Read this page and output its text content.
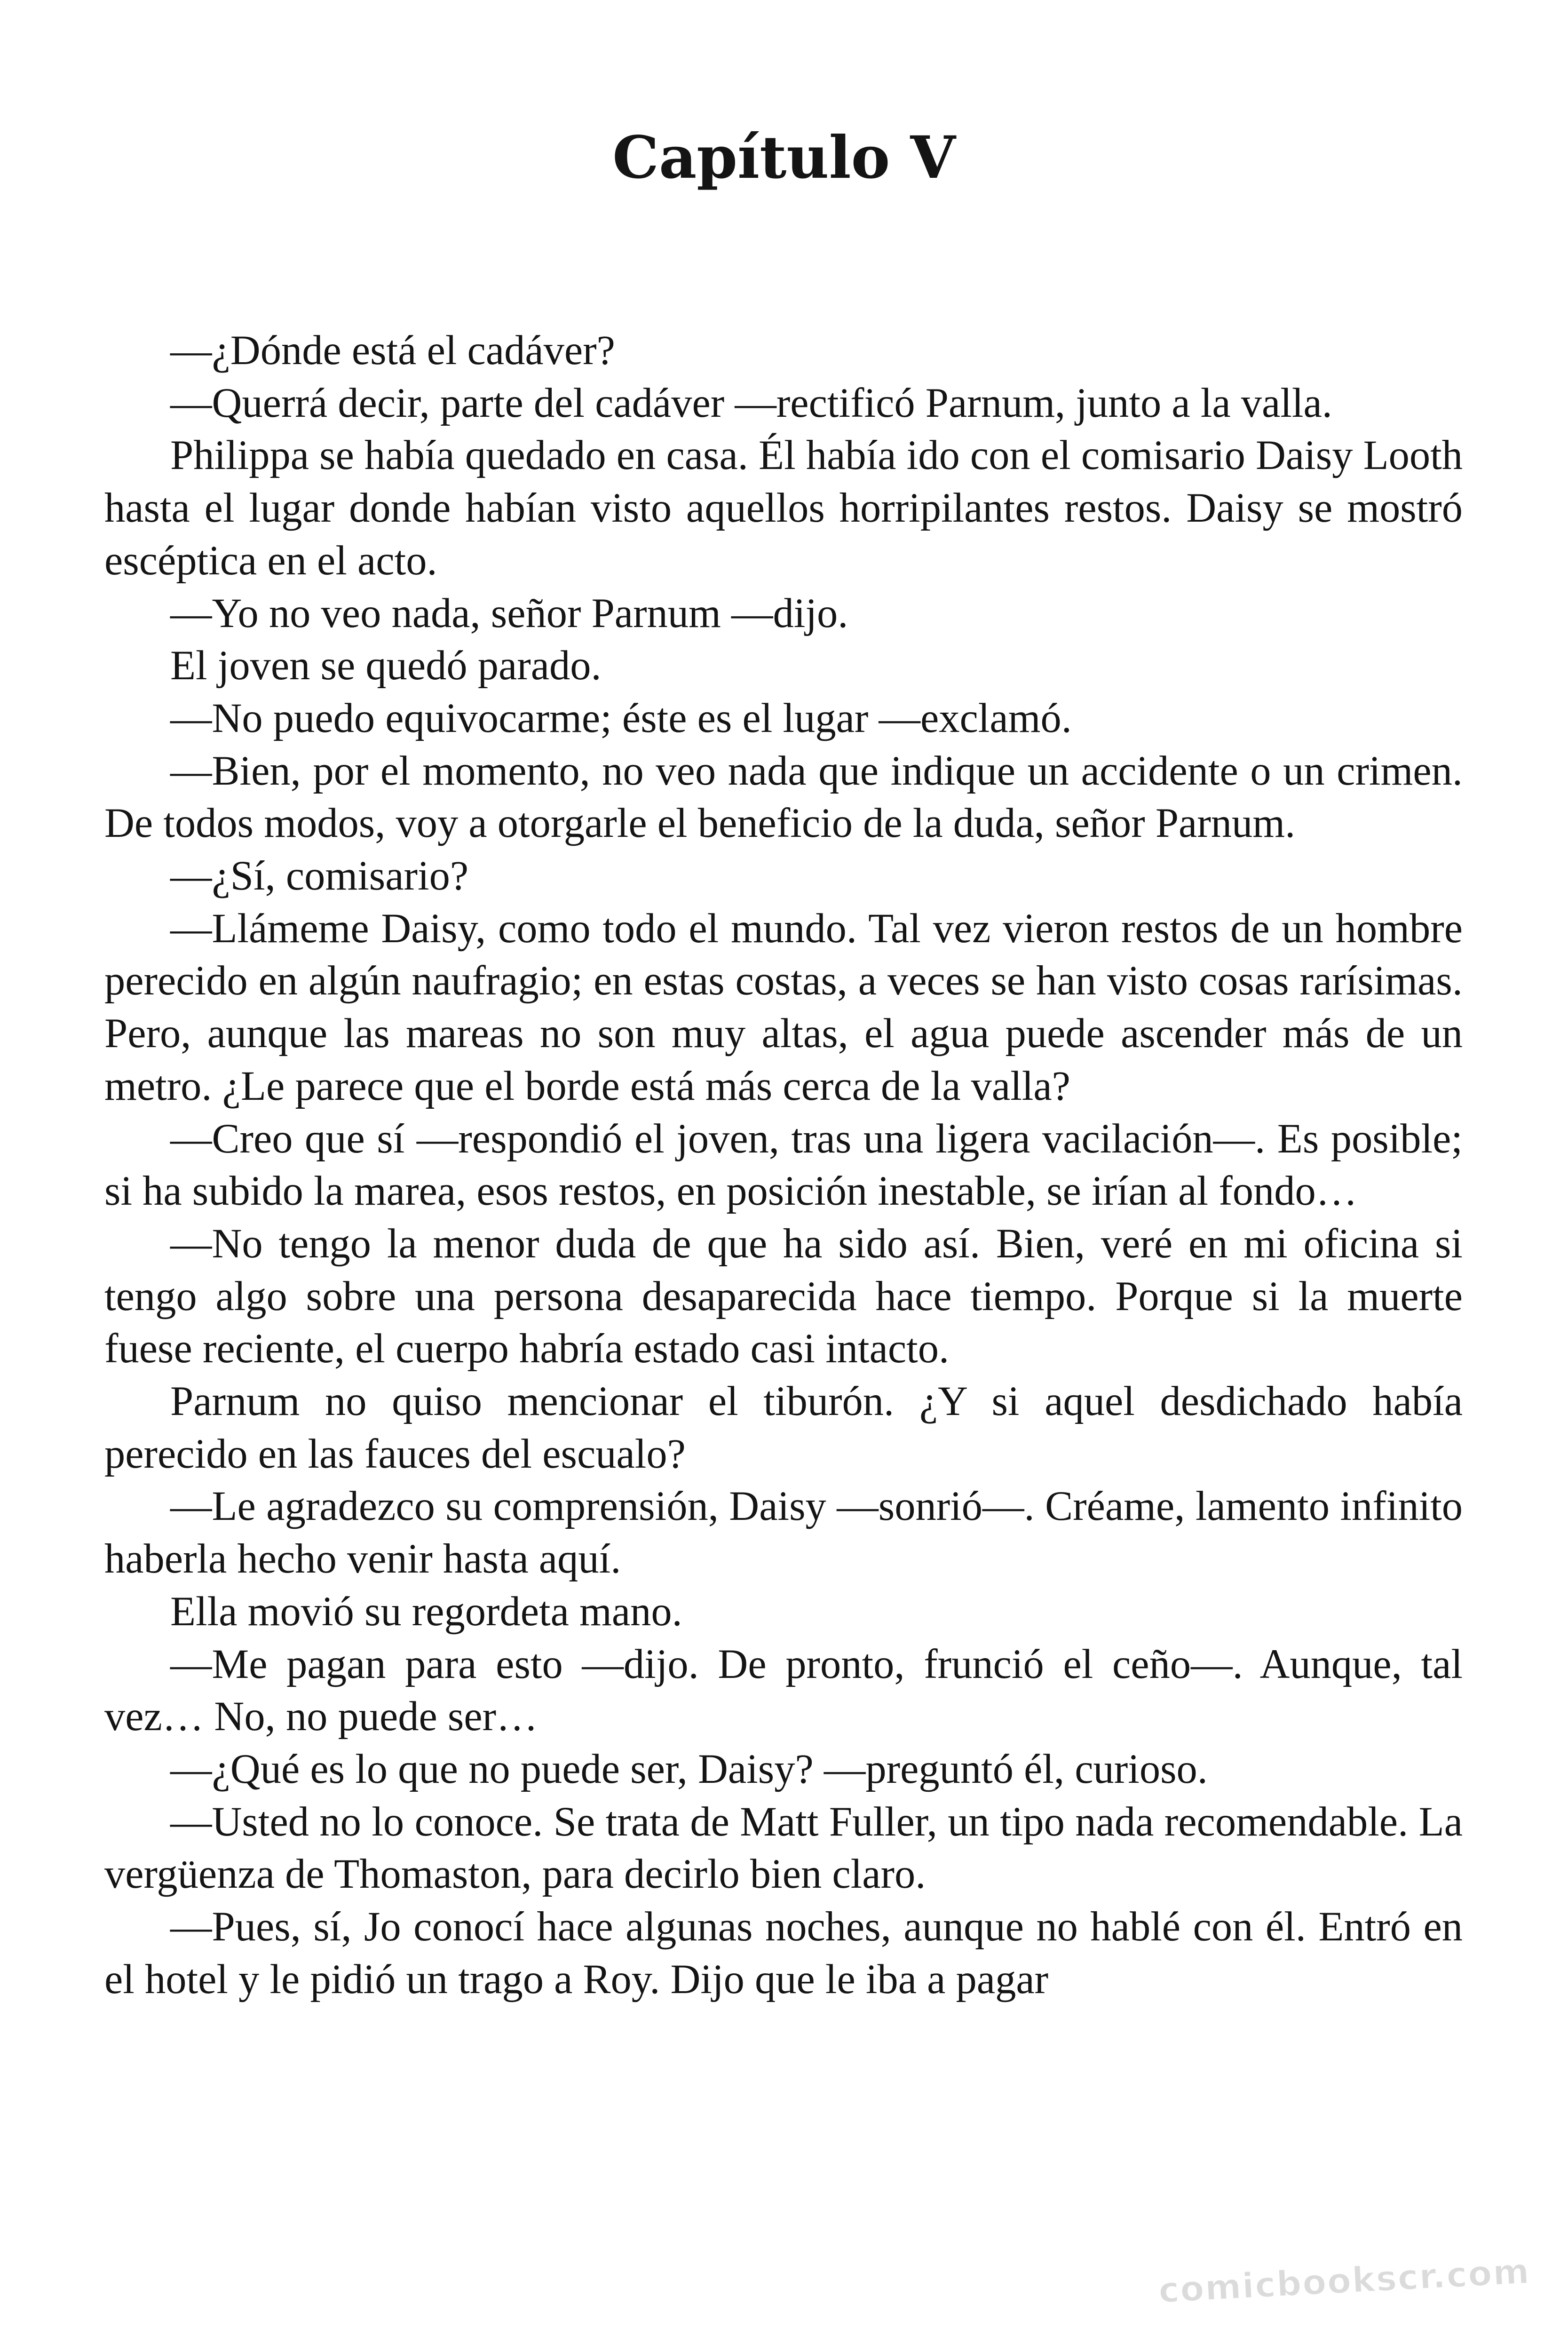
Capítulo V

—¿Dónde está el cadáver?

—Querrá decir, parte del cadáver —rectificó Parnum, junto a la valla.

Philippa se había quedado en casa. Él había ido con el comisario Daisy Looth hasta el lugar donde habían visto aquellos horripilantes restos. Daisy se mostró escéptica en el acto.

—Yo no veo nada, señor Parnum —dijo.

El joven se quedó parado.

—No puedo equivocarme; éste es el lugar —exclamó.

—Bien, por el momento, no veo nada que indique un accidente o un crimen. De todos modos, voy a otorgarle el beneficio de la duda, señor Parnum.

—¿Sí, comisario?

—Llámeme Daisy, como todo el mundo. Tal vez vieron restos de un hombre perecido en algún naufragio; en estas costas, a veces se han visto cosas rarísimas. Pero, aunque las mareas no son muy altas, el agua puede ascender más de un metro. ¿Le parece que el borde está más cerca de la valla?

—Creo que sí —respondió el joven, tras una ligera vacilación—. Es posible; si ha subido la marea, esos restos, en posición inestable, se irían al fondo…

—No tengo la menor duda de que ha sido así. Bien, veré en mi oficina si tengo algo sobre una persona desaparecida hace tiempo. Porque si la muerte fuese reciente, el cuerpo habría estado casi intacto.

Parnum no quiso mencionar el tiburón. ¿Y si aquel desdichado había perecido en las fauces del escualo?

—Le agradezco su comprensión, Daisy —sonrió—. Créame, lamento infinito haberla hecho venir hasta aquí.

Ella movió su regordeta mano.

—Me pagan para esto —dijo. De pronto, frunció el ceño—. Aunque, tal vez… No, no puede ser…

—¿Qué es lo que no puede ser, Daisy? —preguntó él, curioso.

—Usted no lo conoce. Se trata de Matt Fuller, un tipo nada recomendable. La vergüenza de Thomaston, para decirlo bien claro.

—Pues, sí, Jo conocí hace algunas noches, aunque no hablé con él. Entró en el hotel y le pidió un trago a Roy. Dijo que le iba a pagar

comicbookscr.com
